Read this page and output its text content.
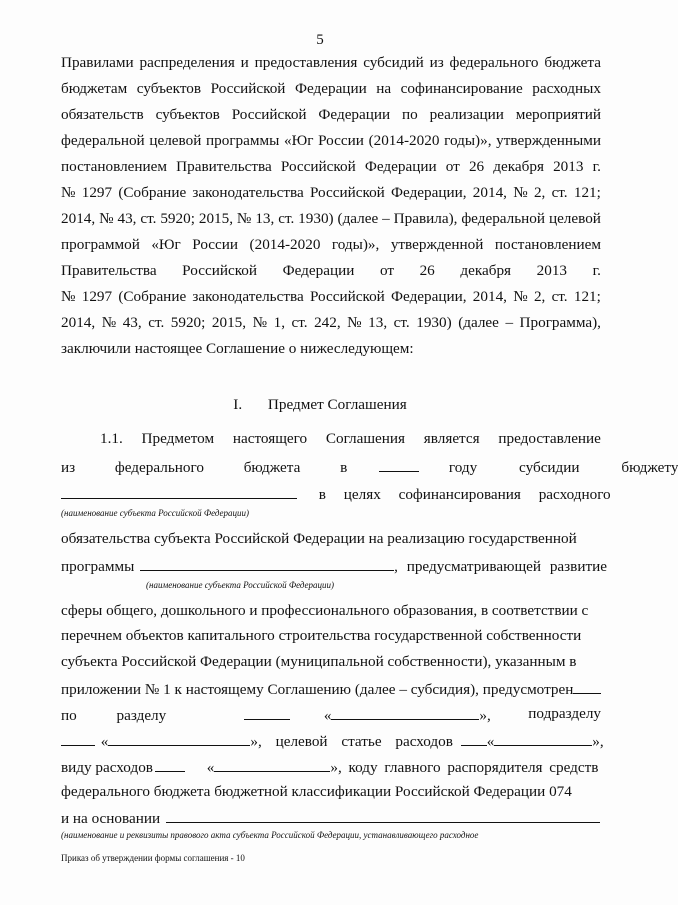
5
Правилами распределения и предоставления субсидий из федерального бюджета
бюджетам субъектов Российской Федерации на софинансирование расходных
обязательств субъектов Российской Федерации по реализации мероприятий
федеральной целевой программы «Юг России (2014-2020 годы)», утвержденными
постановлением Правительства Российской Федерации от 26 декабря 2013 г.
№ 1297 (Собрание законодательства Российской Федерации, 2014, № 2, ст. 121;
2014, № 43, ст. 5920; 2015, № 13, ст. 1930) (далее – Правила), федеральной целевой
программой «Юг России (2014-2020 годы)», утвержденной постановлением
Правительства Российской Федерации от 26 декабря 2013 г.
№ 1297 (Собрание законодательства Российской Федерации, 2014, № 2, ст. 121;
2014, № 43, ст. 5920; 2015, № 1, ст. 242, № 13, ст. 1930) (далее – Программа),
заключили настоящее Соглашение о нижеследующем:
I. Предмет Соглашения
1.1. Предметом настоящего Соглашения является предоставление
из федерального бюджета в	году субсидии бюджету
в целях софинансирования расходного
(наименование субъекта Российской Федерации)
обязательства субъекта Российской Федерации на реализацию государственной
программы	, предусматривающей развитие
(наименование субъекта Российской Федерации)
сферы общего, дошкольного и профессионального образования, в соответствии с
перечнем объектов капитального строительства государственной собственности
субъекта Российской Федерации (муниципальной собственности), указанным в
приложении № 1 к настоящему Соглашению (далее – субсидия), предусмотрен
по	разделу	«	», подразделу
«	», целевой статье расходов «	»,
виду расходов	«	», коду главного распорядителя средств
федерального бюджета бюджетной классификации Российской Федерации 074
и на основании
(наименование и реквизиты правового акта субъекта Российской Федерации, устанавливающего расходное
Приказ об утверждении формы соглашения - 10
